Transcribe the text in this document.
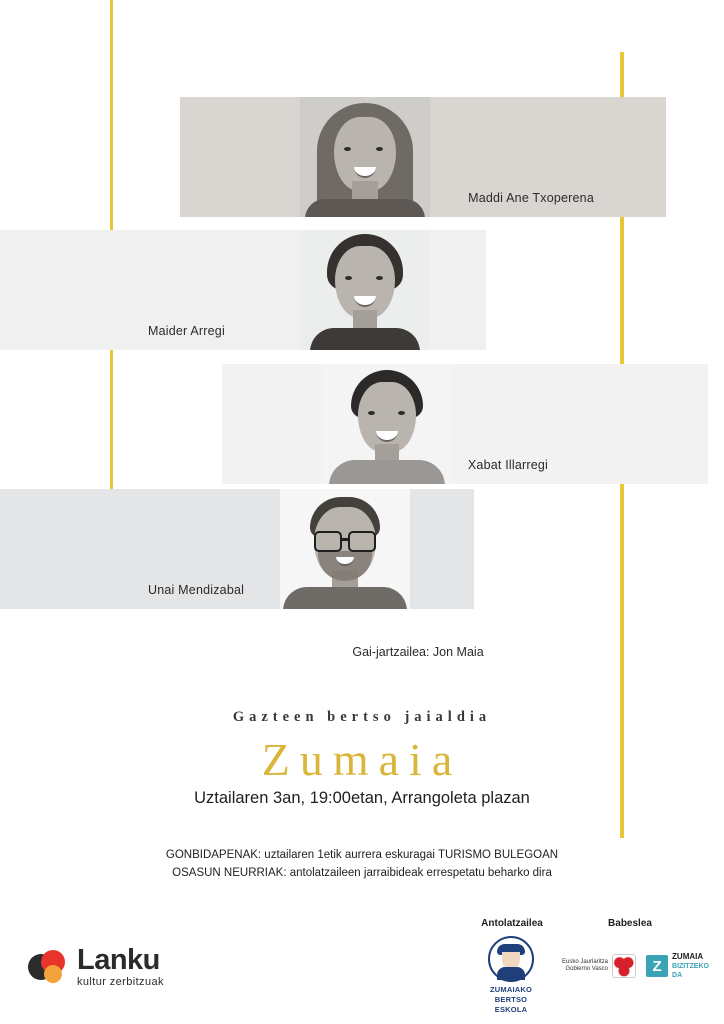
Maddi Ane Txoperena
Maider Arregi
Xabat Illarregi
Unai Mendizabal
Gai-jartzailea: Jon Maia
Gazteen bertso jaialdia
Zumaia
Uztailaren 3an, 19:00etan, Arrangoleta plazan
GONBIDAPENAK: uztailaren 1etik aurrera eskuragai TURISMO BULEGOAN
OSASUN NEURRIAK: antolatzaileen jarraibideak errespetatu beharko dira
Antolatzailea	Babeslea
Lanku
kultur zerbitzuak
ZUMAIAKO
BERTSO ESKOLA
Eusko Jaurlaritza
Gobierno Vasco	Z
ZUMAIA
BIZITZEKO
DA
